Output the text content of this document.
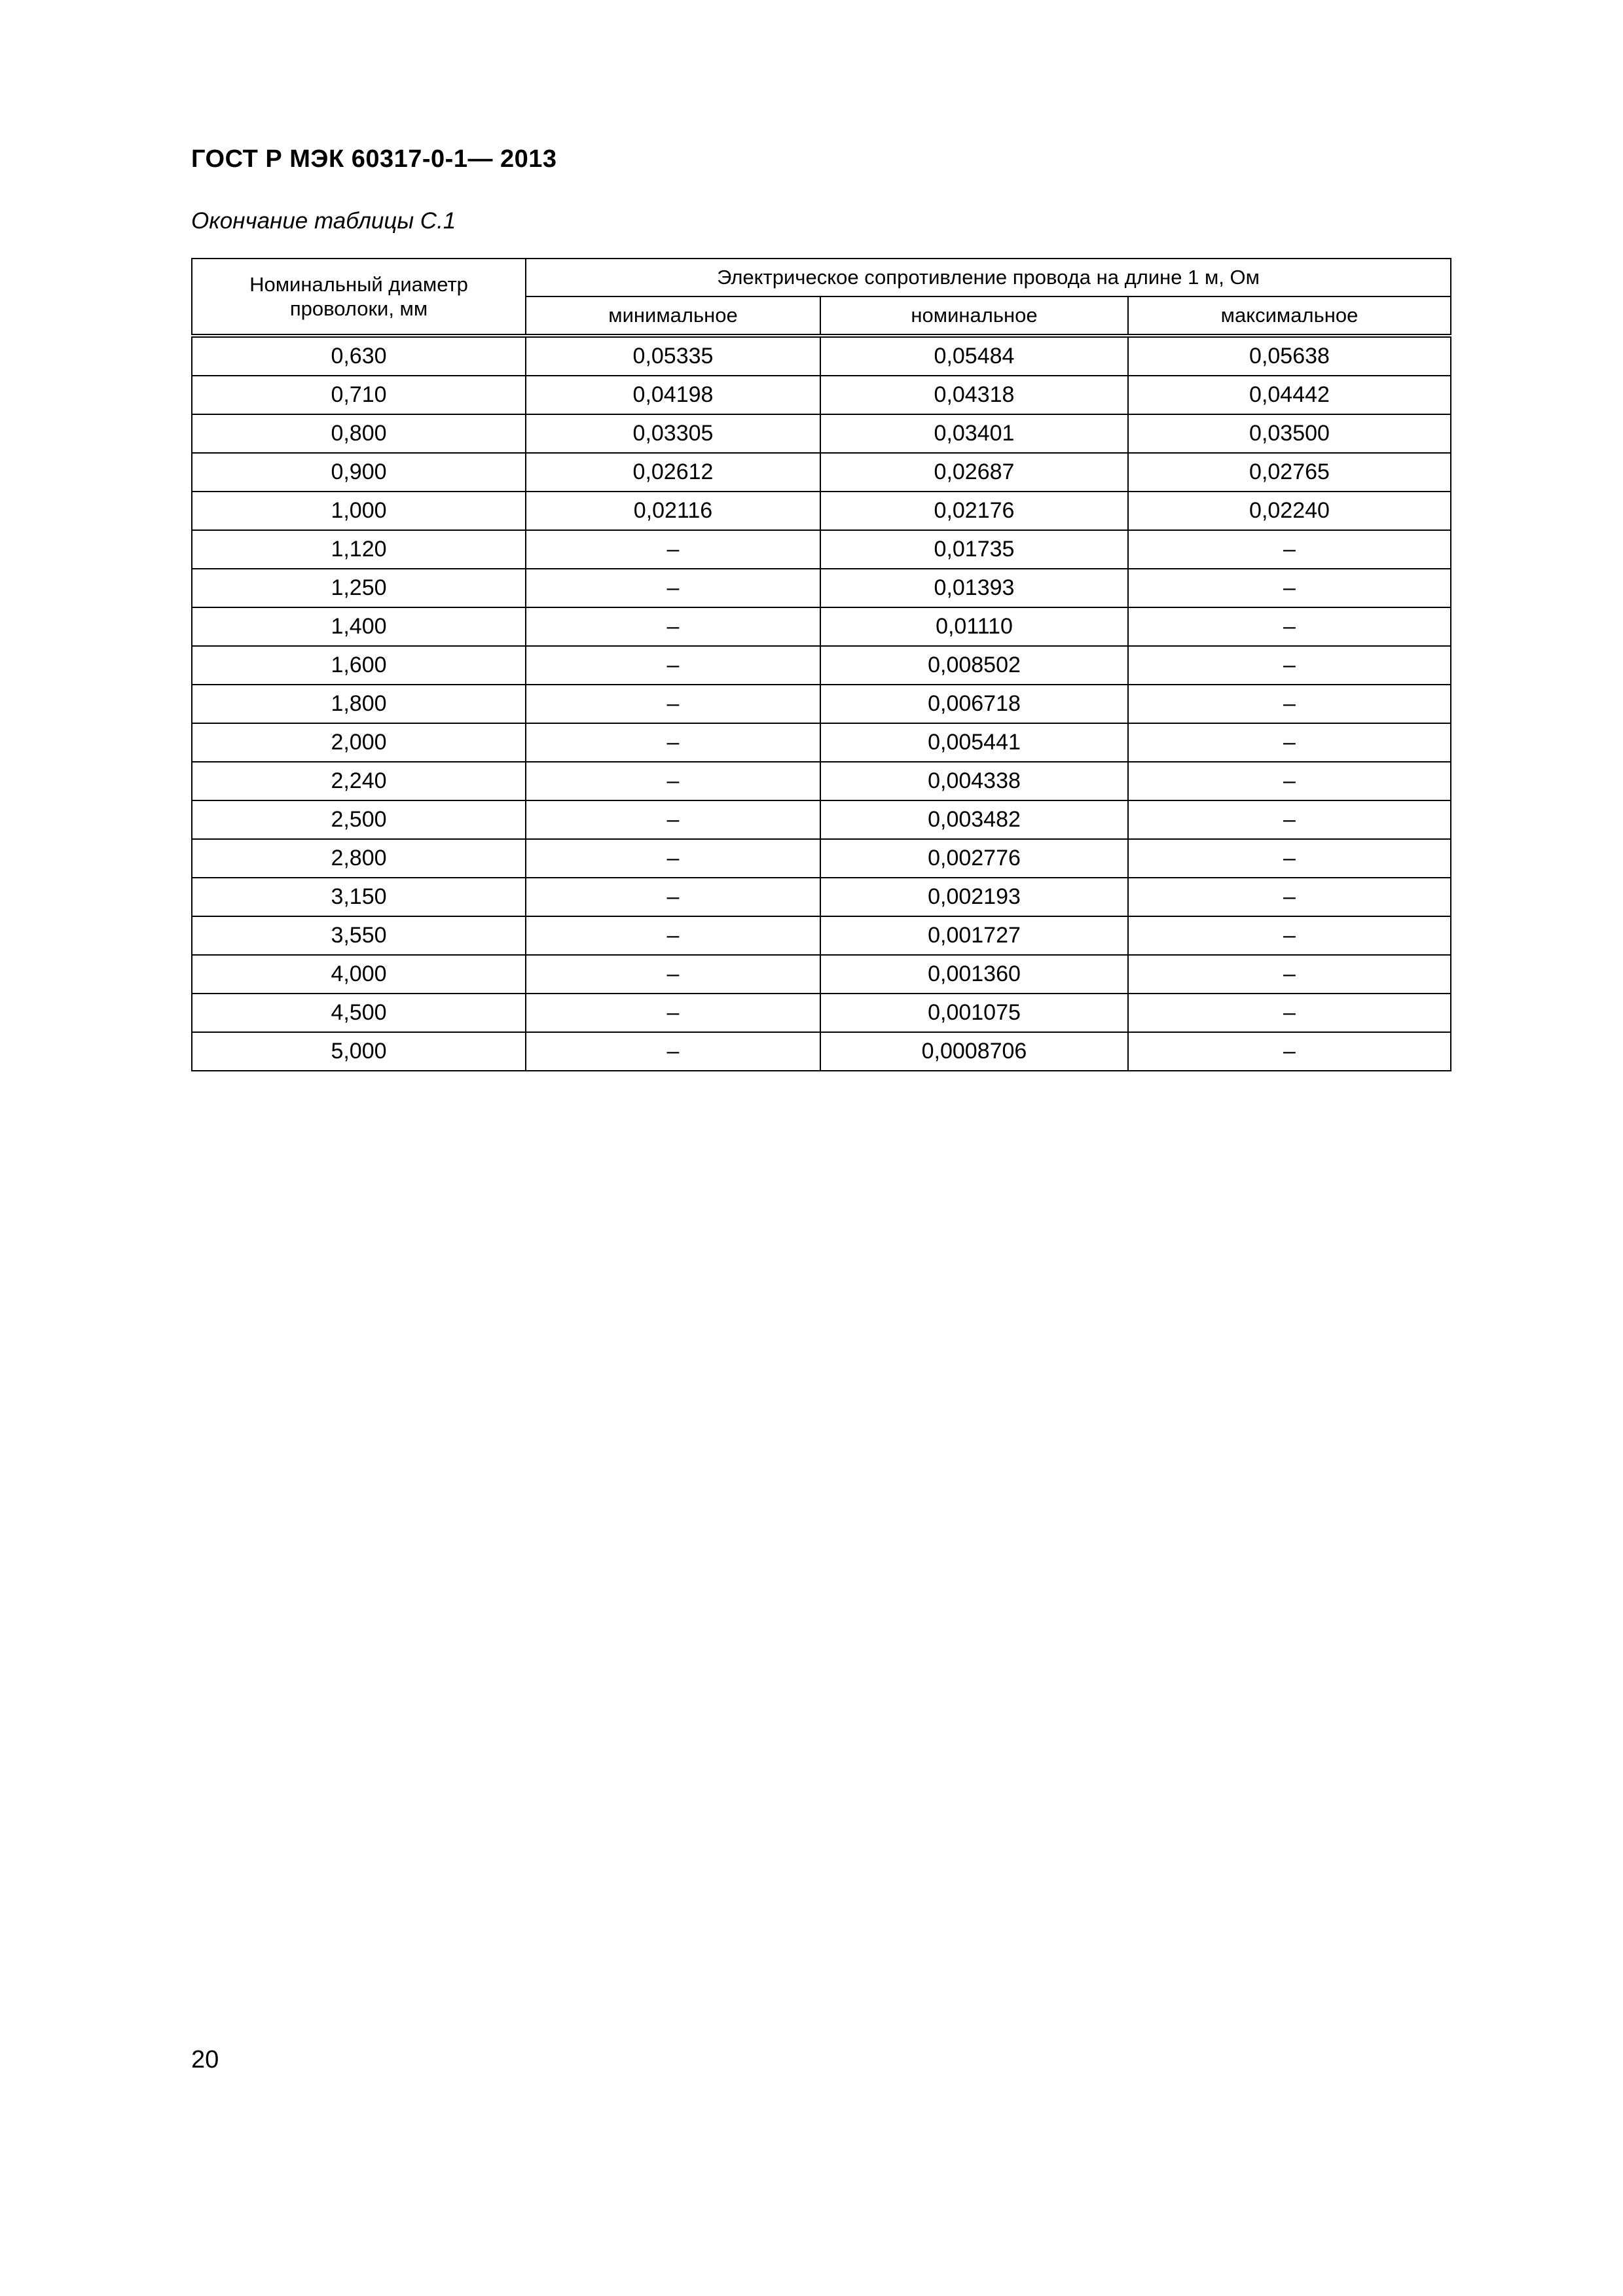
ГОСТ Р МЭК 60317-0-1— 2013
Окончание таблицы С.1
Номинальный диаметр проволоки, мм	Электрическое сопротивление провода на длине 1 м, Ом		
	минимальное	номинальное	максимальное
0,630	0,05335	0,05484	0,05638
0,710	0,04198	0,04318	0,04442
0,800	0,03305	0,03401	0,03500
0,900	0,02612	0,02687	0,02765
1,000	0,02116	0,02176	0,02240
1,120	–	0,01735	–
1,250	–	0,01393	–
1,400	–	0,01110	–
1,600	–	0,008502	–
1,800	–	0,006718	–
2,000	–	0,005441	–
2,240	–	0,004338	–
2,500	–	0,003482	–
2,800	–	0,002776	–
3,150	–	0,002193	–
3,550	–	0,001727	–
4,000	–	0,001360	–
4,500	–	0,001075	–
5,000	–	0,0008706	–
20
